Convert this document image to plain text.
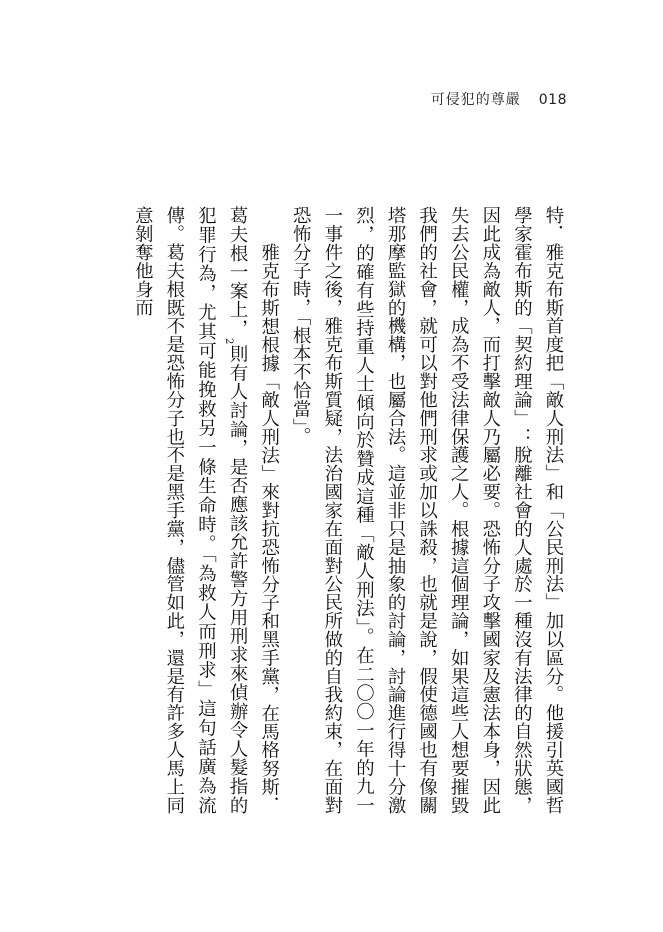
可侵犯的尊嚴 018

特．雅克布斯首度把「敵人刑法」和「公民刑法」加以區分。他援引英國哲學家霍布斯的「契約理論」：脫離社會的人處於一種沒有法律的自然狀態，因此成為敵人，而打擊敵人乃屬必要。恐怖分子攻擊國家及憲法本身，因此失去公民權，成為不受法律保護之人。根據這個理論，如果這些人想要摧毀我們的社會，就可以對他們刑求或加以誅殺，也就是說，假使德國也有像關塔那摩監獄的機構，也屬合法。這並非只是抽象的討論，討論進行得十分激烈，的確有些持重人士傾向於贊成這種「敵人刑法」。在二〇〇一年的九一一事件之後，雅克布斯質疑，法治國家在面對公民所做的自我約束，在面對恐怖分子時，「根本不恰當」。

雅克布斯想根據「敵人刑法」來對抗恐怖分子和黑手黨，在馬格努斯．葛夫根一案上，2則有人討論，是否應該允許警方用刑求來偵辦令人髮指的犯罪行為，尤其可能挽救另一條生命時。「為救人而刑求」這句話廣為流傳。葛夫根既不是恐怖分子也不是黑手黨，儘管如此，還是有許多人馬上同意剝奪他身而
